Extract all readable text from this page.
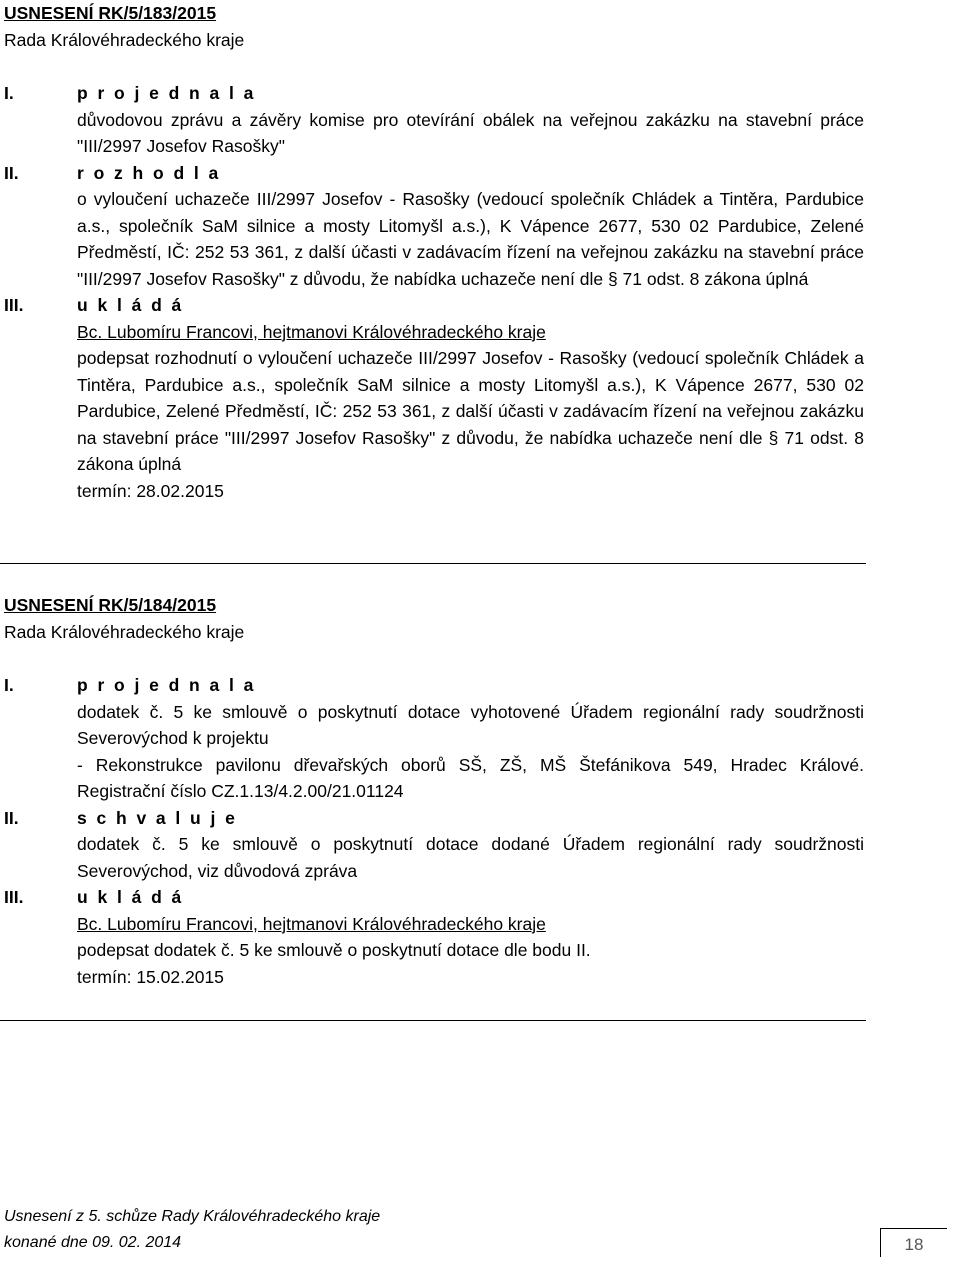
USNESENÍ RK/5/183/2015

Rada Královéhradeckého kraje

I.	p r o j e d n a l a
důvodovou zprávu a závěry komise pro otevírání obálek na veřejnou zakázku na stavební práce "III/2997 Josefov Rasošky"
II.	r o z h o d l a
o vyloučení uchazeče III/2997 Josefov - Rasošky (vedoucí společník Chládek a Tintěra, Pardubice a.s., společník SaM silnice a mosty Litomyšl a.s.), K Vápence 2677, 530 02 Pardubice, Zelené Předměstí, IČ: 252 53 361, z další účasti v zadávacím řízení na veřejnou zakázku na stavební práce "III/2997 Josefov Rasošky" z důvodu, že nabídka uchazeče není dle § 71 odst. 8 zákona úplná
III.	u k l á d á
Bc. Lubomíru Francovi, hejtmanovi Královéhradeckého kraje
podepsat rozhodnutí o vyloučení uchazeče III/2997 Josefov - Rasošky (vedoucí společník Chládek a Tintěra, Pardubice a.s., společník SaM silnice a mosty Litomyšl a.s.), K Vápence 2677, 530 02 Pardubice, Zelené Předměstí, IČ: 252 53 361, z další účasti v zadávacím řízení na veřejnou zakázku na stavební práce "III/2997 Josefov Rasošky" z důvodu, že nabídka uchazeče není dle § 71 odst. 8 zákona úplná
termín: 28.02.2015

USNESENÍ RK/5/184/2015

Rada Královéhradeckého kraje

I.	p r o j e d n a l a
dodatek č. 5 ke smlouvě o poskytnutí dotace vyhotovené Úřadem regionální rady soudržnosti Severovýchod k projektu
- Rekonstrukce pavilonu dřevařských oborů SŠ, ZŠ, MŠ Štefánikova 549, Hradec Králové. Registrační číslo CZ.1.13/4.2.00/21.01124
II.	s c h v a l u j e
dodatek č. 5 ke smlouvě o poskytnutí dotace dodané Úřadem regionální rady soudržnosti Severovýchod, viz důvodová zpráva
III.	u k l á d á
Bc. Lubomíru Francovi, hejtmanovi Královéhradeckého kraje
podepsat dodatek č. 5 ke smlouvě o poskytnutí dotace dle bodu II.
termín: 15.02.2015
Usnesení z 5. schůze Rady Královéhradeckého kraje
konané dne 09. 02. 2014	18
